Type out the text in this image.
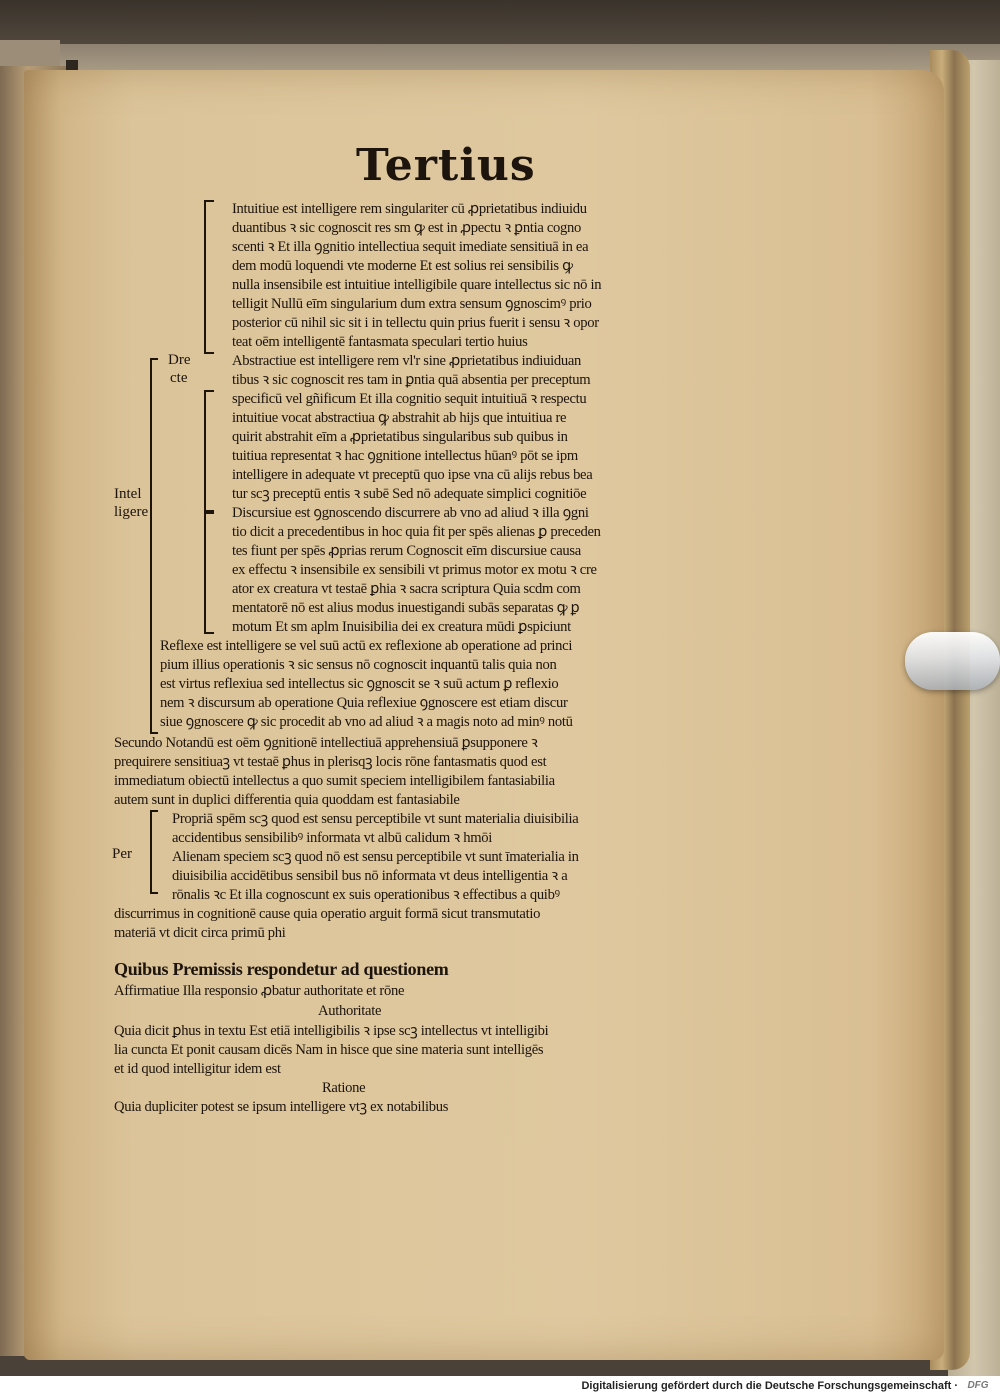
Tertius
Dre
cte
Intel
ligere
Per
Intuitiue est intelligere rem singulariter cū ꝓprietatibus indiuidu
duantibus ꝛ sic cognoscit res sm ꝙ est in ꝓpectu ꝛ ꝑntia cogno
scenti ꝛ Et illa ꝯgnitio intellectiua sequit imediate sensitiuā in ea
dem modū loquendi vte moderne Et est solius rei sensibilis ꝙ
nulla insensibile est intuitiue intelligibile quare intellectus sic nō in
telligit Nullū eīm singularium dum extra sensum ꝯgnoscimꝰ prio
posterior cū nihil sic sit i in tellectu quin prius fuerit i sensu ꝛ opor
teat oēm intelligentē fantasmata speculari tertio huius
Abstractiue est intelligere rem vl'r sine ꝓprietatibus indiuiduan
tibus ꝛ sic cognoscit res tam in ꝑntia quā absentia per preceptum
specificū vel gñificum Et illa cognitio sequit intuitiuā ꝛ respectu
intuitiue vocat abstractiua ꝙ abstrahit ab hijs que intuitiua re
quirit abstrahit eīm a ꝓprietatibus singularibus sub quibus in
tuitiua representat ꝛ hac ꝯgnitione intellectus hūanꝰ pōt se ipm
intelligere in adequate vt preceptū quo ipse vna cū alijs rebus bea
tur scꝫ preceptū entis ꝛ subē Sed nō adequate simplici cognitiōe
Discursiue est ꝯgnoscendo discurrere ab vno ad aliud ꝛ illa ꝯgni
tio dicit a precedentibus in hoc quia fit per spēs alienas ꝑ preceden
tes fiunt per spēs ꝓprias rerum Cognoscit eīm discursiue causa
ex effectu ꝛ insensibile ex sensibili vt primus motor ex motu ꝛ cre
ator ex creatura vt testaē ꝑhia ꝛ sacra scriptura Quia scdm com
mentatorē nō est alius modus inuestigandi subās separatas ꝙ ꝑ
motum Et sm aplm Inuisibilia dei ex creatura mūdi ꝑspiciunt
Reflexe est intelligere se vel suū actū ex reflexione ab operatione ad princi
pium illius operationis ꝛ sic sensus nō cognoscit inquantū talis quia non
est virtus reflexiua sed intellectus sic ꝯgnoscit se ꝛ suū actum ꝑ reflexio
nem ꝛ discursum ab operatione Quia reflexiue ꝯgnoscere est etiam discur
siue ꝯgnoscere ꝙ sic procedit ab vno ad aliud ꝛ a magis noto ad minꝰ notū
Secundo Notandū est oēm ꝯgnitionē intellectiuā apprehensiuā ꝑsupponere ꝛ
prequirere sensitiuaꝫ vt testaē ꝑhus in plerisqꝫ locis rōne fantasmatis quod est
immediatum obiectū intellectus a quo sumit speciem intelligibilem fantasiabilia
autem sunt in duplici differentia quia quoddam est fantasiabile
Propriā spēm scꝫ quod est sensu perceptibile vt sunt materialia diuisibilia
accidentibus sensibilibꝰ informata vt albū calidum ꝛ hmōi
Alienam speciem scꝫ quod nō est sensu perceptibile vt sunt īmaterialia in
diuisibilia accidētibus sensibil bus nō informata vt deus intelligentia ꝛ a
rōnalis ꝛc Et illa cognoscunt ex suis operationibus ꝛ effectibus a quibꝰ
discurrimus in cognitionē cause quia operatio arguit formā sicut transmutatio
materiā vt dicit circa primū phi
Quibus Premissis respondetur ad questionem
Affirmatiue Illa responsio ꝓbatur authoritate et rōne
Authoritate
Quia dicit ꝑhus in textu Est etiā intelligibilis ꝛ ipse scꝫ intellectus vt intelligibi
lia cuncta Et ponit causam dicēs Nam in hisce que sine materia sunt intelligēs
et id quod intelligitur idem est
Ratione
Quia dupliciter potest se ipsum intelligere vtꝫ ex notabilibus
Digitalisierung gefördert durch die Deutsche Forschungsgemeinschaft · DFG
